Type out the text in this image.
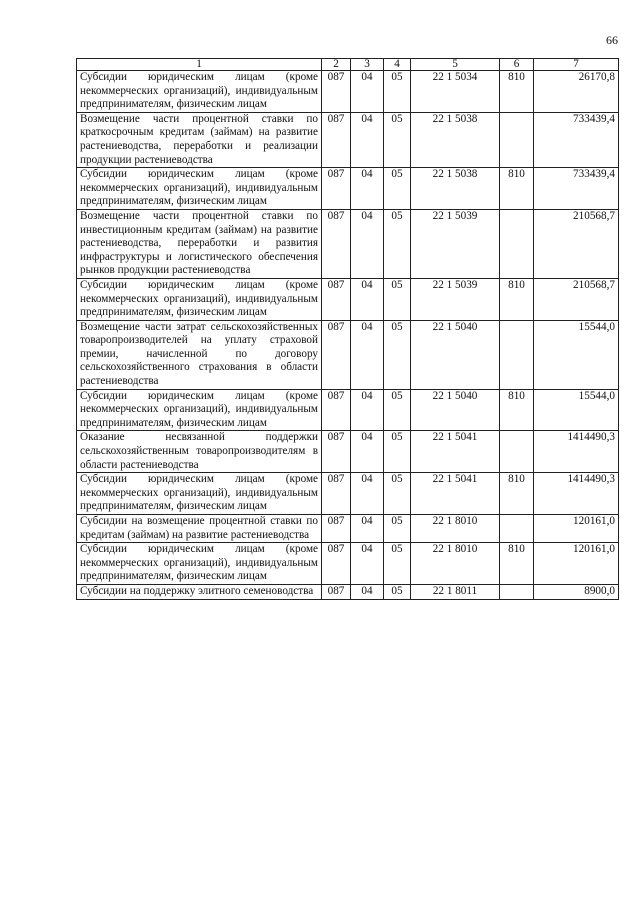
66
1	2	3	4	5	6	7
Субсидии юридическим лицам (кроме некоммерческих организаций), индивидуальным предпринимателям, физическим лицам	087	04	05	22 1 5034	810	26170,8
Возмещение части процентной ставки по краткосрочным кредитам (займам) на развитие растениеводства, переработки и реализации продукции растениеводства	087	04	05	22 1 5038		733439,4
Субсидии юридическим лицам (кроме некоммерческих организаций), индивидуальным предпринимателям, физическим лицам	087	04	05	22 1 5038	810	733439,4
Возмещение части процентной ставки по инвестиционным кредитам (займам) на развитие растениеводства, переработки и развития инфраструктуры и логистического обеспечения рынков продукции растениеводства	087	04	05	22 1 5039		210568,7
Субсидии юридическим лицам (кроме некоммерческих организаций), индивидуальным предпринимателям, физическим лицам	087	04	05	22 1 5039	810	210568,7
Возмещение части затрат сельскохозяйственных товаропроизводителей на уплату страховой премии, начисленной по договору сельскохозяйственного страхования в области растениеводства	087	04	05	22 1 5040		15544,0
Субсидии юридическим лицам (кроме некоммерческих организаций), индивидуальным предпринимателям, физическим лицам	087	04	05	22 1 5040	810	15544,0
Оказание несвязанной поддержки сельскохозяйственным товаропроизводителям в области растениеводства	087	04	05	22 1 5041		1414490,3
Субсидии юридическим лицам (кроме некоммерческих организаций), индивидуальным предпринимателям, физическим лицам	087	04	05	22 1 5041	810	1414490,3
Субсидии на возмещение процентной ставки по кредитам (займам) на развитие растениеводства	087	04	05	22 1 8010		120161,0
Субсидии юридическим лицам (кроме некоммерческих организаций), индивидуальным предпринимателям, физическим лицам	087	04	05	22 1 8010	810	120161,0
Субсидии на поддержку элитного семеноводства	087	04	05	22 1 8011		8900,0
